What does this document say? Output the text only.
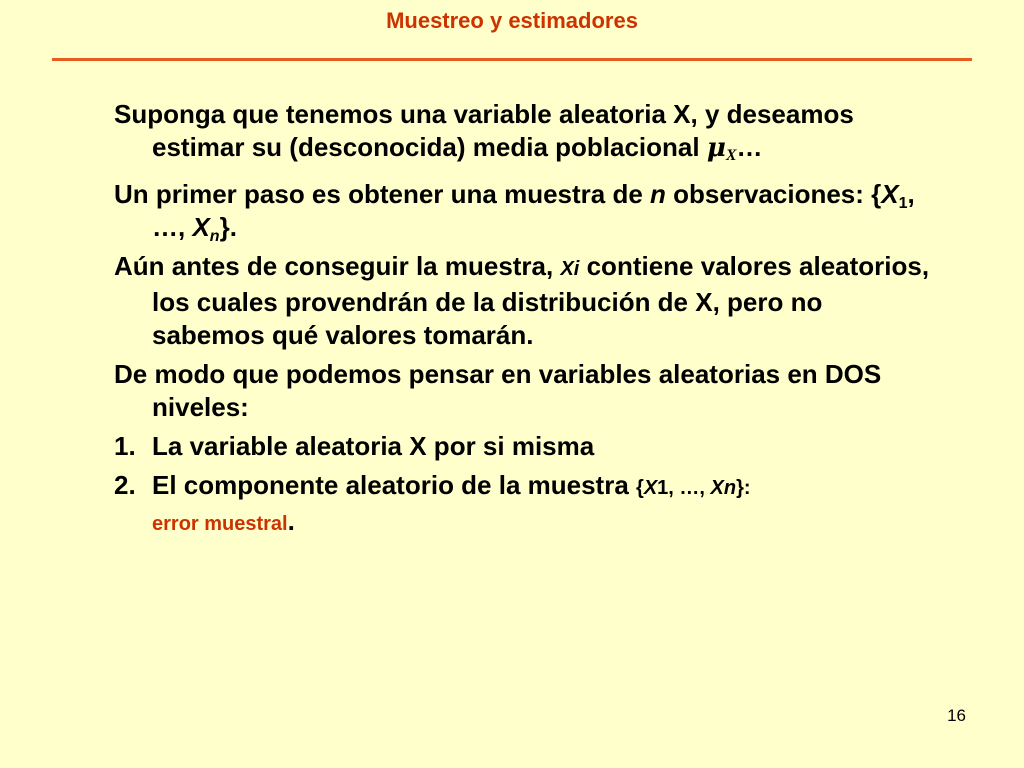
Muestreo y estimadores
Suponga que tenemos una variable aleatoria X, y deseamos estimar su (desconocida) media poblacional μX…
Un primer paso es obtener una muestra de n observaciones: {$X_1$, …, $X_n$}.
Aún antes de conseguir la muestra, Xi contiene valores aleatorios, los cuales provendrán de la distribución de X, pero no sabemos qué valores tomarán.
De modo que podemos pensar en variables aleatorias en DOS niveles:
1. La variable aleatoria X por si misma
2. El componente aleatorio de la muestra {X1, …, Xn}:
error muestral.
16
